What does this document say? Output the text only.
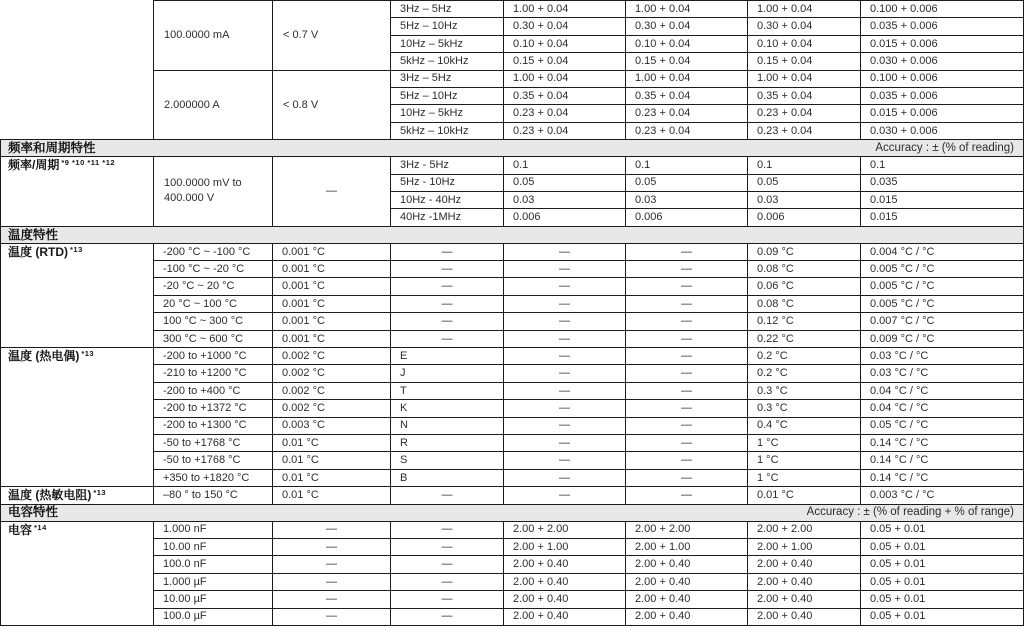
	100.0000 mA	< 0.7 V	3Hz – 5Hz	1.00 + 0.04	1.00 + 0.04	1.00 + 0.04	0.100 + 0.006
			5Hz – 10Hz	0.30 + 0.04	0.30 + 0.04	0.30 + 0.04	0.035 + 0.006
			10Hz – 5kHz	0.10 + 0.04	0.10 + 0.04	0.10 + 0.04	0.015 + 0.006
			5kHz – 10kHz	0.15 + 0.04	0.15 + 0.04	0.15 + 0.04	0.030 + 0.006
	2.000000 A	< 0.8 V	3Hz – 5Hz	1.00 + 0.04	1.00 + 0.04	1.00 + 0.04	0.100 + 0.006
			5Hz – 10Hz	0.35 + 0.04	0.35 + 0.04	0.35 + 0.04	0.035 + 0.006
			10Hz – 5kHz	0.23 + 0.04	0.23 + 0.04	0.23 + 0.04	0.015 + 0.006
			5kHz – 10kHz	0.23 + 0.04	0.23 + 0.04	0.23 + 0.04	0.030 + 0.006

频率和周期特性 Accuracy : ± (% of reading)							

频率/周期 $^{*9 *10 *11 *12}$	100.0000 mV to
400.000 V	—	3Hz - 5Hz	0.1	0.1	0.1	0.1
			5Hz - 10Hz	0.05	0.05	0.05	0.035
			10Hz - 40Hz	0.03	0.03	0.03	0.015
			40Hz -1MHz	0.006	0.006	0.006	0.015

温度特性							

温度 (RTD) $^{*13}$	-200 °C ~ -100 °C	0.001 °C	—	—	—	0.09 °C	0.004 °C / °C
	-100 °C ~ -20 °C	0.001 °C	—	—	—	0.08 °C	0.005 °C / °C
	-20 °C ~ 20 °C	0.001 °C	—	—	—	0.06 °C	0.005 °C / °C
	20 °C ~ 100 °C	0.001 °C	—	—	—	0.08 °C	0.005 °C / °C
	100 °C ~ 300 °C	0.001 °C	—	—	—	0.12 °C	0.007 °C / °C
	300 °C ~ 600 °C	0.001 °C	—	—	—	0.22 °C	0.009 °C / °C
温度 (热电偶) $^{*13}$	-200 to +1000 °C	0.002 °C	E	—	—	0.2 °C	0.03 °C / °C
	-210 to +1200 °C	0.002 °C	J	—	—	0.2 °C	0.03 °C / °C
	-200 to +400 °C	0.002 °C	T	—	—	0.3 °C	0.04 °C / °C
	-200 to +1372 °C	0.002 °C	K	—	—	0.3 °C	0.04 °C / °C
	-200 to +1300 °C	0.003 °C	N	—	—	0.4 °C	0.05 °C / °C
	-50 to +1768 °C	0.01 °C	R	—	—	1 °C	0.14 °C / °C
	-50 to +1768 °C	0.01 °C	S	—	—	1 °C	0.14 °C / °C
	+350 to +1820 °C	0.01 °C	B	—	—	1 °C	0.14 °C / °C
温度 (热敏电阻) $^{*13}$	–80 ° to 150 °C	0.01 °C	—	—	—	0.01 °C	0.003 °C / °C

电容特性 Accuracy : ± (% of reading + % of range)							

电容 $^{*14}$	1.000 nF	—	—	2.00 + 2.00	2.00 + 2.00	2.00 + 2.00	0.05 + 0.01
	10.00 nF	—	—	2.00 + 1.00	2.00 + 1.00	2.00 + 1.00	0.05 + 0.01
	100.0 nF	—	—	2.00 + 0.40	2.00 + 0.40	2.00 + 0.40	0.05 + 0.01
	1.000 µF	—	—	2.00 + 0.40	2.00 + 0.40	2.00 + 0.40	0.05 + 0.01
	10.00 µF	—	—	2.00 + 0.40	2.00 + 0.40	2.00 + 0.40	0.05 + 0.01
	100.0 µF	—	—	2.00 + 0.40	2.00 + 0.40	2.00 + 0.40	0.05 + 0.01
